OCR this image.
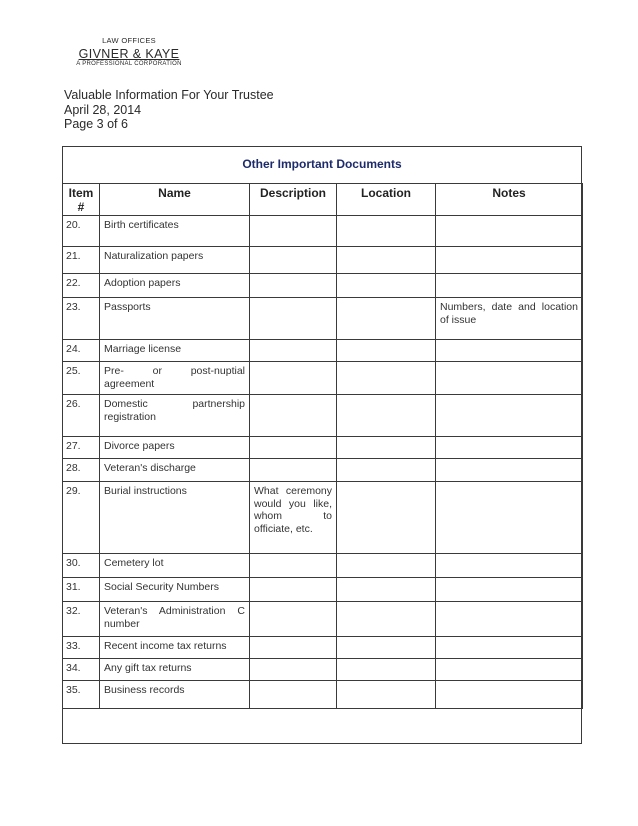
LAW OFFICES
GIVNER & KAYE
A PROFESSIONAL CORPORATION
Valuable Information For Your Trustee
April 28, 2014
Page 3 of 6
Other Important Documents
Item #	Name	Description	Location	Notes
20.	Birth certificates			
21.	Naturalization papers			
22.	Adoption papers			
23.	Passports			Numbers, date and location of issue
24.	Marriage license			
25.	Pre- or post-nuptial agreement			
26.	Domestic partnership registration			
27.	Divorce papers			
28.	Veteran's discharge			
29.	Burial instructions	What ceremony would you like, whom to officiate, etc.		
30.	Cemetery lot			
31.	Social Security Numbers			
32.	Veteran's Administration C number			
33.	Recent income tax returns			
34.	Any gift tax returns			
35.	Business records			
